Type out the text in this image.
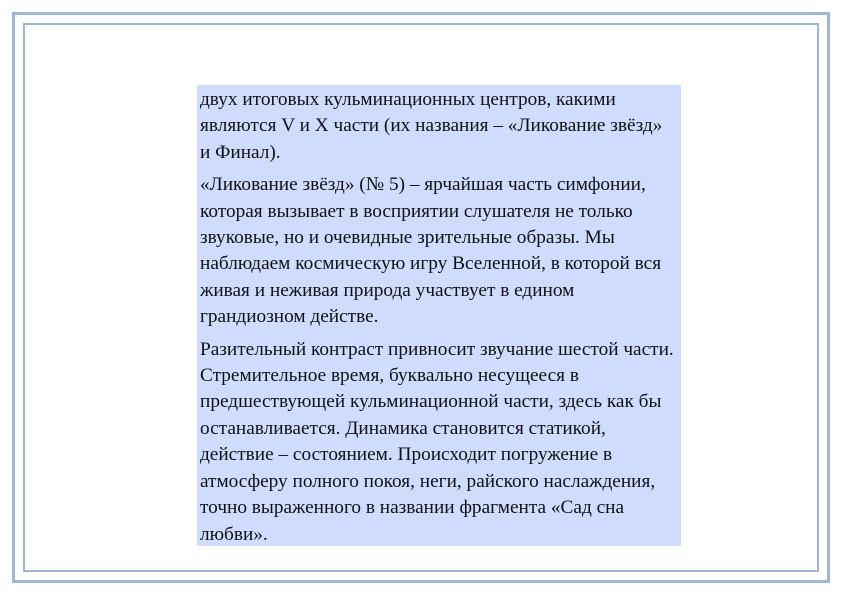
двух итоговых кульминационных центров, какими являются V и X части (их названия – «Ликование звёзд» и Финал).

«Ликование звёзд» (№ 5) – ярчайшая часть симфонии, которая вызывает в восприятии слушателя не только звуковые, но и очевидные зрительные образы. Мы наблюдаем космическую игру Вселенной, в которой вся живая и неживая природа участвует в едином грандиозном действе.

Разительный контраст привносит звучание шестой части. Стремительное время, буквально несущееся в предшествующей кульминационной части, здесь как бы останавливается. Динамика становится статикой, действие – состоянием. Происходит погружение в атмосферу полного покоя, неги, райского наслаждения, точно выраженного в названии фрагмента «Сад сна любви».
